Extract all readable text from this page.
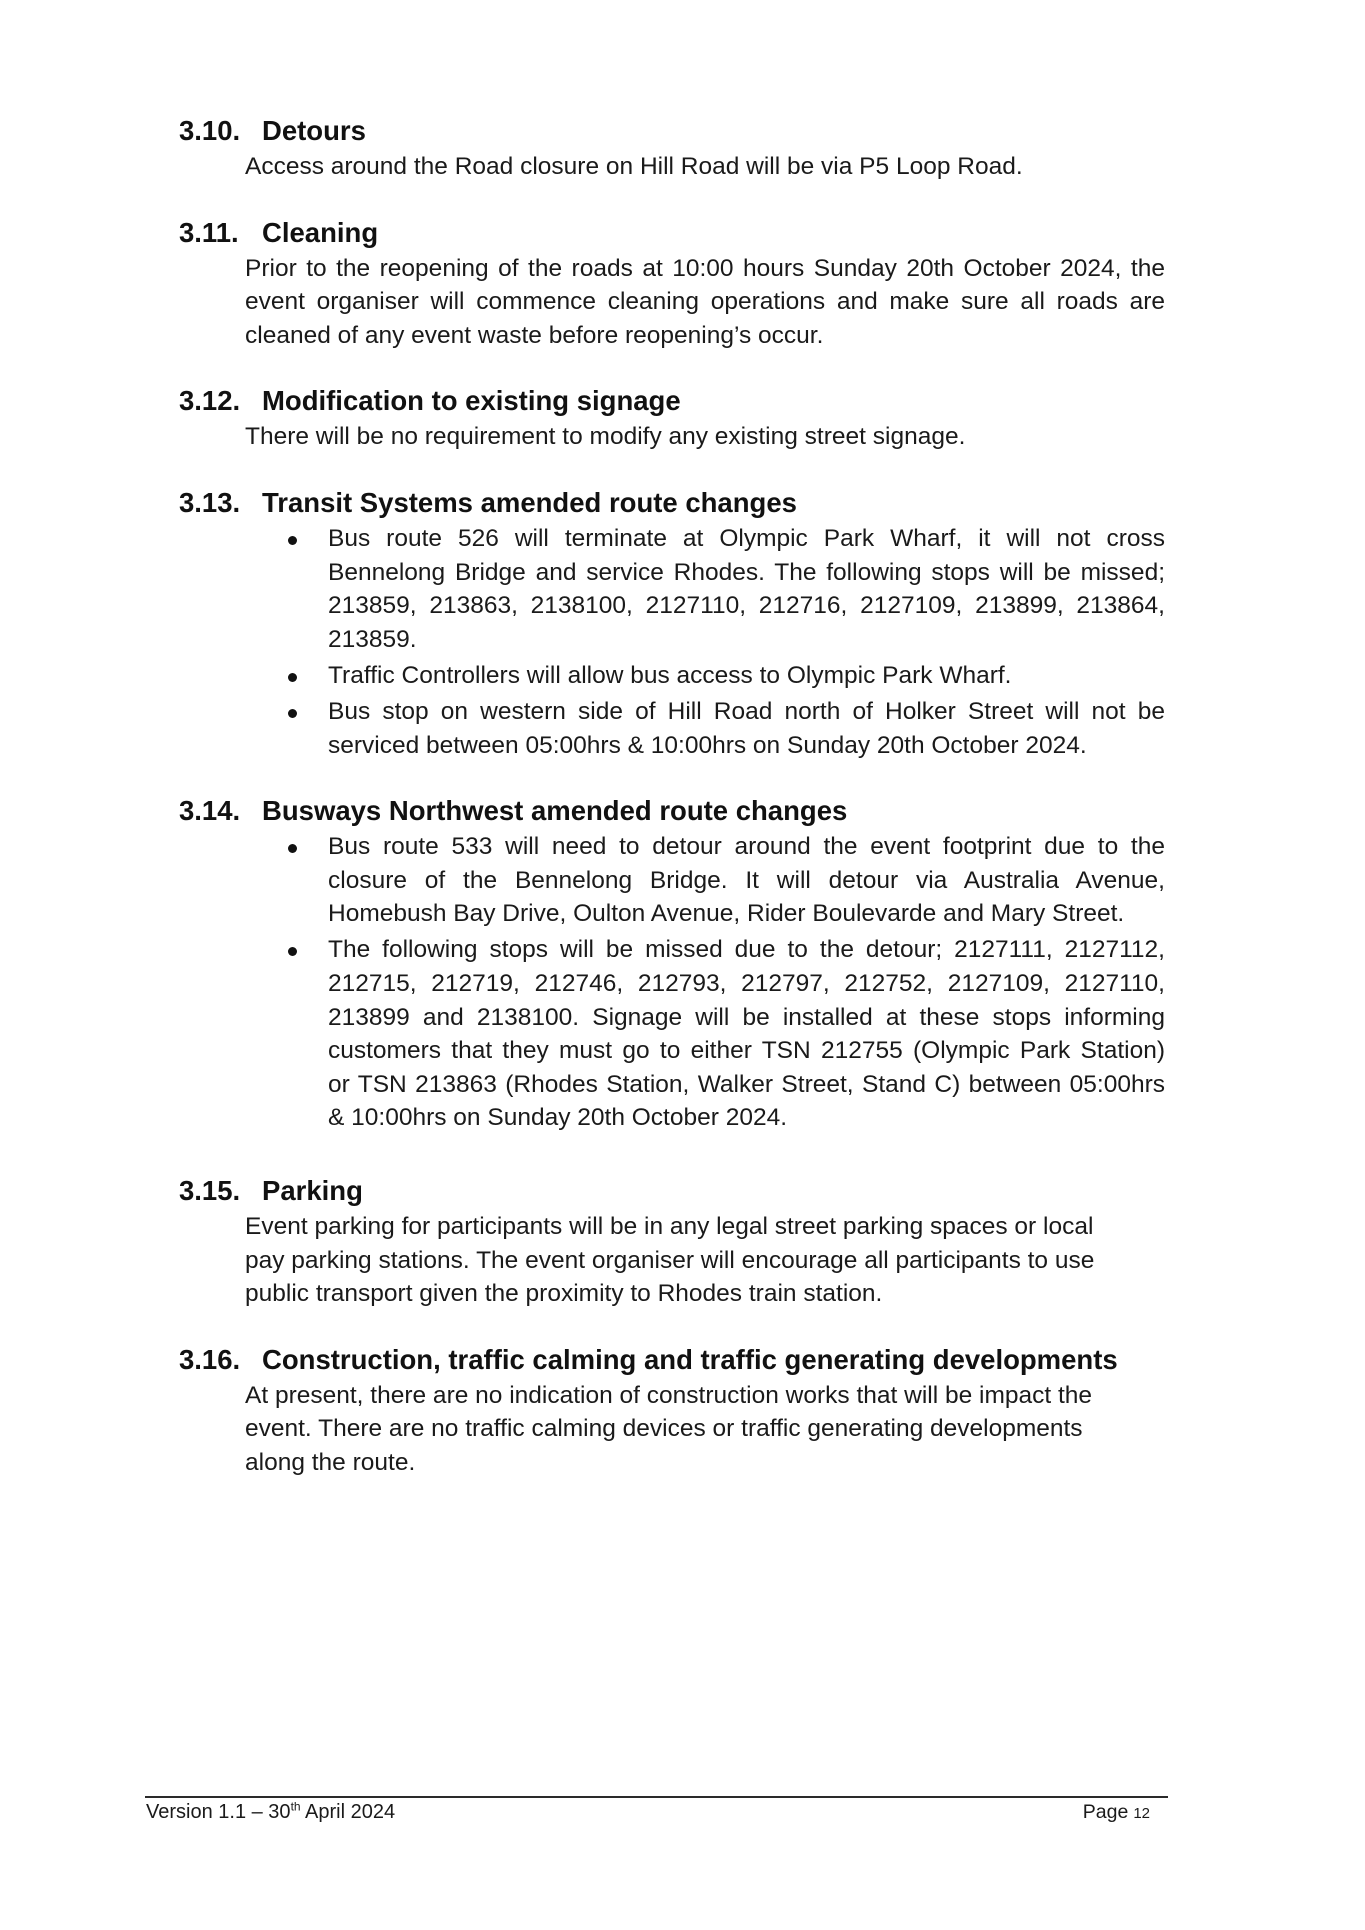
3.10. Detours
Access around the Road closure on Hill Road will be via P5 Loop Road.
3.11. Cleaning
Prior to the reopening of the roads at 10:00 hours Sunday 20th October 2024, the
event organiser will commence cleaning operations and make sure all roads are
cleaned of any event waste before reopening’s occur.
3.12. Modification to existing signage
There will be no requirement to modify any existing street signage.
3.13. Transit Systems amended route changes
Bus route 526 will terminate at Olympic Park Wharf, it will not cross
Bennelong Bridge and service Rhodes. The following stops will be missed;
213859, 213863, 2138100, 2127110, 212716, 2127109, 213899, 213864,
213859.
Traffic Controllers will allow bus access to Olympic Park Wharf.
Bus stop on western side of Hill Road north of Holker Street will not be
serviced between 05:00hrs & 10:00hrs on Sunday 20th October 2024.
3.14. Busways Northwest amended route changes
Bus route 533 will need to detour around the event footprint due to the
closure of the Bennelong Bridge. It will detour via Australia Avenue,
Homebush Bay Drive, Oulton Avenue, Rider Boulevarde and Mary Street.
The following stops will be missed due to the detour; 2127111, 2127112,
212715, 212719, 212746, 212793, 212797, 212752, 2127109, 2127110,
213899 and 2138100. Signage will be installed at these stops informing
customers that they must go to either TSN 212755 (Olympic Park Station)
or TSN 213863 (Rhodes Station, Walker Street, Stand C) between 05:00hrs
& 10:00hrs on Sunday 20th October 2024.
3.15. Parking
Event parking for participants will be in any legal street parking spaces or local
pay parking stations. The event organiser will encourage all participants to use
public transport given the proximity to Rhodes train station.
3.16. Construction, traffic calming and traffic generating developments
At present, there are no indication of construction works that will be impact the
event. There are no traffic calming devices or traffic generating developments
along the route.
Version 1.1 – 30th April 2024	Page 12
